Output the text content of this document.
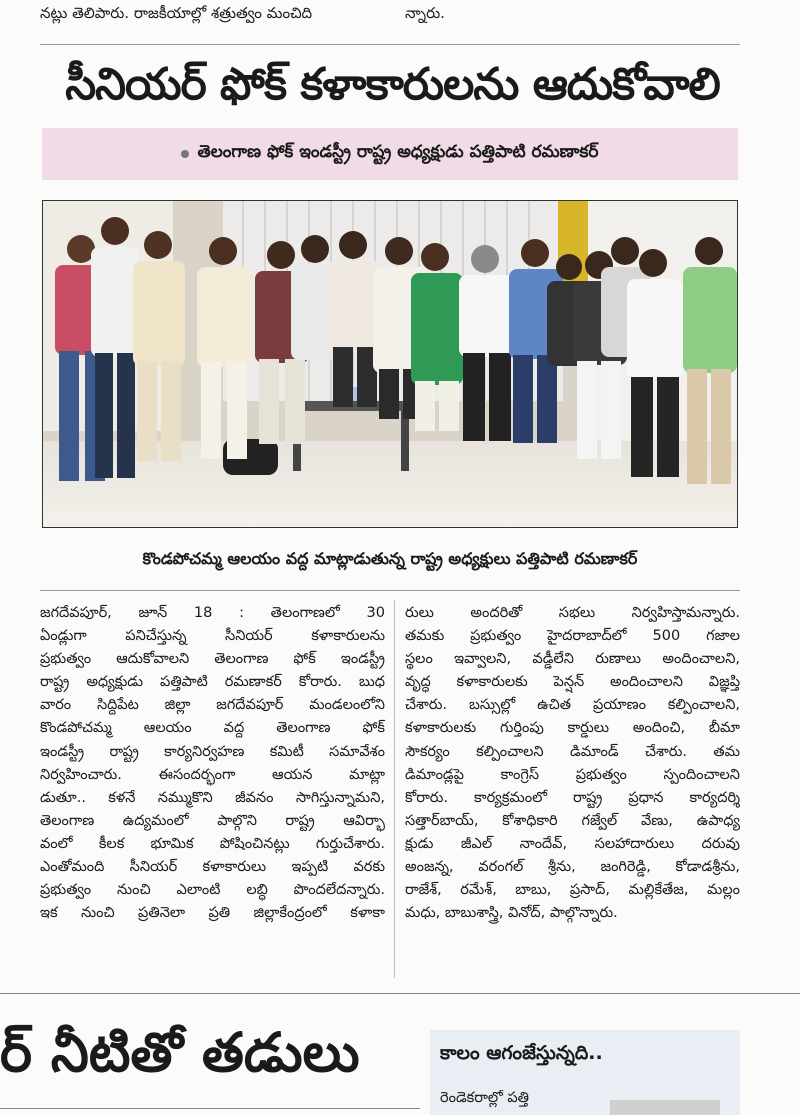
నట్లు తెలిపారు. రాజకీయాల్లో శత్రుత్వం మంచిది	న్నారు.
సీనియర్ ఫోక్ కళాకారులను ఆదుకోవాలి
తెలంగాణ ఫోక్ ఇండస్ట్రీ రాష్ట్ర అధ్యక్షుడు పత్తిపాటి రమణాకర్
కొండపోచమ్మ ఆలయం వద్ద మాట్లాడుతున్న రాష్ట్ర అధ్యక్షులు పత్తిపాటి రమణాకర్
జగదేవపూర్, జూన్ 18 : తెలంగాణలో 30
ఏండ్లుగా పనిచేస్తున్న సీనియర్ కళాకారులను
ప్రభుత్వం ఆదుకోవాలని తెలంగాణ ఫోక్ ఇండస్ట్రీ
రాష్ట్ర అధ్యక్షుడు పత్తిపాటి రమణాకర్ కోరారు. బుధ
వారం సిద్దిపేట జిల్లా జగదేవపూర్ మండలంలోని
కొండపోచమ్మ ఆలయం వద్ద తెలంగాణ ఫోక్
ఇండస్ట్రీ రాష్ట్ర కార్యనిర్వహణ కమిటీ సమావేశం
నిర్వహించారు. ఈసందర్భంగా ఆయన మాట్లా
డుతూ.. కళనే నమ్ముకొని జీవనం సాగిస్తున్నామని,
తెలంగాణ ఉద్యమంలో పాల్గొని రాష్ట్ర ఆవిర్భా
వంలో కీలక భూమిక పోషించినట్లు గుర్తుచేశారు.
ఎంతోమంది సీనియర్ కళాకారులు ఇప్పటి వరకు
ప్రభుత్వం నుంచి ఎలాంటి లబ్ధి పొందలేదన్నారు.
ఇక నుంచి ప్రతినెలా ప్రతి జిల్లాకేంద్రంలో కళాకా
రులు అందరితో సభలు నిర్వహిస్తామన్నారు.
తమకు ప్రభుత్వం హైదరాబాద్‌లో 500 గజాల
స్థలం ఇవ్వాలని, వడ్డీలేని రుణాలు అందించాలని,
వృద్ధ కళాకారులకు పెన్షన్ అందించాలని విజ్ఞప్తి
చేశారు. బస్సుల్లో ఉచిత ప్రయాణం కల్పించాలని,
కళాకారులకు గుర్తింపు కార్డులు అందించి, బీమా
సౌకర్యం కల్పించాలని డిమాండ్ చేశారు. తమ
డిమాండ్లపై కాంగ్రెస్ ప్రభుత్వం స్పందించాలని
కోరారు. కార్యక్రమంలో రాష్ట్ర ప్రధాన కార్యదర్శి
సత్తార్‌బాయ్, కోశాధికారి గజ్వేల్ వేణు, ఉపాధ్య
క్షుడు జీఎల్ నాందేవ్, సలహాదారులు దరువు
అంజన్న, వరంగల్ శ్రీను, జంగిరెడ్డి, కోడాడశ్రీను,
రాజేశ్, రమేశ్, బాబు, ప్రసాద్, మల్లికేతేజ, మల్లం
మధు, బాబుశాస్త్రి, వినోద్, పాల్గొన్నారు.
ర్ నీటితో తడులు	కాలం ఆగంజేస్తున్నది..
రెండెకరాల్లో పత్తి
